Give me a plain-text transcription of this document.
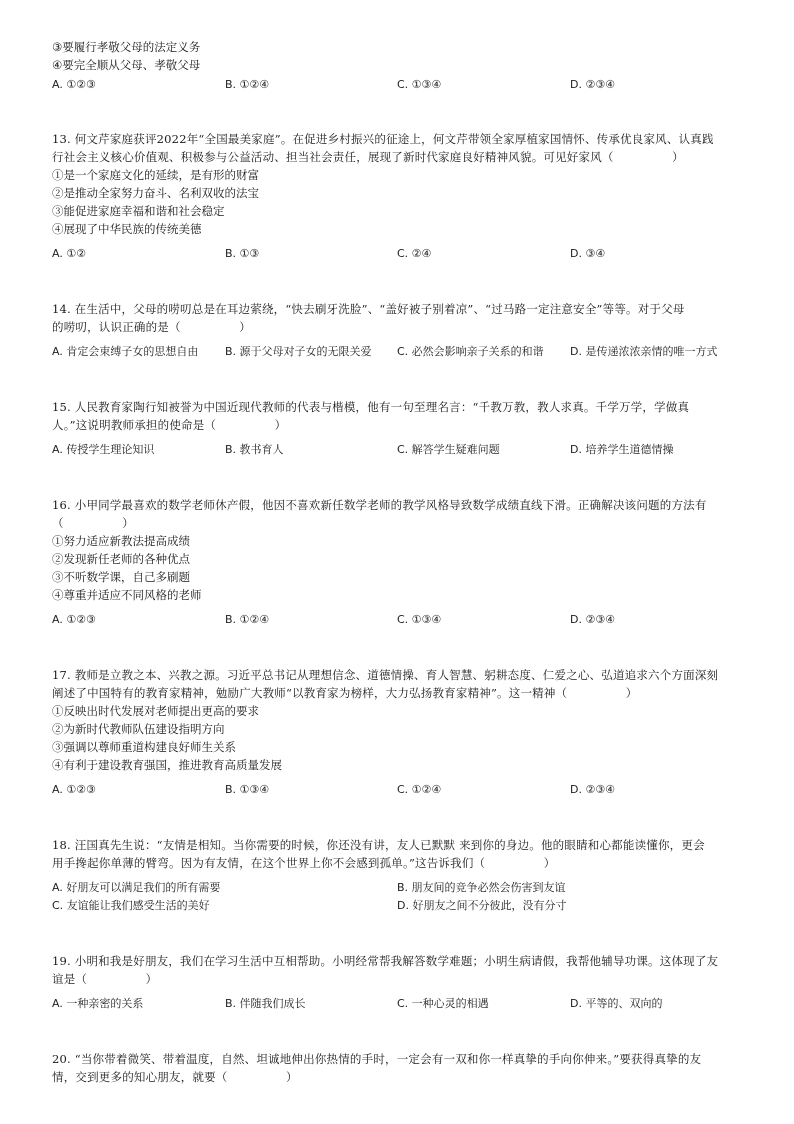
③要履行孝敬父母的法定义务
④要完全顺从父母、孝敬父母
A. ①②③	B. ①②④	C. ①③④	D. ②③④
13. 何文芹家庭获评2022年“全国最美家庭”。在促进乡村振兴的征途上，何文芹带领全家厚植家国情怀、传承优良家风、认真践
行社会主义核心价值观、积极参与公益活动、担当社会责任，展现了新时代家庭良好精神风貌。可见好家风（　　　　　）
①是一个家庭文化的延续，是有形的财富
②是推动全家努力奋斗、名利双收的法宝
③能促进家庭幸福和谐和社会稳定
④展现了中华民族的传统美德
A. ①②	B. ①③	C. ②④	D. ③④
14. 在生活中，父母的唠叨总是在耳边萦绕，“快去刷牙洗脸”、“盖好被子别着凉”、“过马路一定注意安全”等等。对于父母
的唠叨，认识正确的是（　　　　　）
A. 肯定会束缚子女的思想自由 B. 源于父母对子女的无限关爱 C. 必然会影响亲子关系的和谐 D. 是传递浓浓亲情的唯一方式
15. 人民教育家陶行知被誉为中国近现代教师的代表与楷模，他有一句至理名言：“千教万教，教人求真。千学万学，学做真
人。”这说明教师承担的使命是（　　　　　）
A. 传授学生理论知识	B. 教书育人	C. 解答学生疑难问题	D. 培养学生道德情操
16. 小甲同学最喜欢的数学老师休产假，他因不喜欢新任数学老师的教学风格导致数学成绩直线下滑。正确解决该问题的方法有
（　　　　　）
①努力适应新教法提高成绩
②发现新任老师的各种优点
③不听数学课，自己多刷题
④尊重并适应不同风格的老师
A. ①②③	B. ①②④	C. ①③④	D. ②③④
17. 教师是立教之本、兴教之源。习近平总书记从理想信念、道德情操、育人智慧、躬耕态度、仁爱之心、弘道追求六个方面深刻
阐述了中国特有的教育家精神，勉励广大教师“以教育家为榜样，大力弘扬教育家精神”。这一精神（　　　　　）
①反映出时代发展对老师提出更高的要求
②为新时代教师队伍建设指明方向
③强调以尊师重道构建良好师生关系
④有利于建设教育强国，推进教育高质量发展
A. ①②③	B. ①③④	C. ①②④	D. ②③④
18. 汪国真先生说：“友情是相知。当你需要的时候，你还没有讲，友人已默默 来到你的身边。他的眼睛和心都能读懂你，更会
用手搀起你单薄的臂弯。因为有友情，在这个世界上你不会感到孤单。”这告诉我们（　　　　　）
A. 好朋友可以满足我们的所有需要	B. 朋友间的竞争必然会伤害到友谊
C. 友谊能让我们感受生活的美好	D. 好朋友之间不分彼此，没有分寸
19. 小明和我是好朋友，我们在学习生活中互相帮助。小明经常帮我解答数学难题；小明生病请假，我帮他辅导功课。这体现了友
谊是（　　　　　）
A. 一种亲密的关系	B. 伴随我们成长	C. 一种心灵的相遇	D. 平等的、双向的
20. “当你带着微笑、带着温度，自然、坦诚地伸出你热情的手时，一定会有一双和你一样真挚的手向你伸来。”要获得真挚的友
情，交到更多的知心朋友，就要（　　　　　）
